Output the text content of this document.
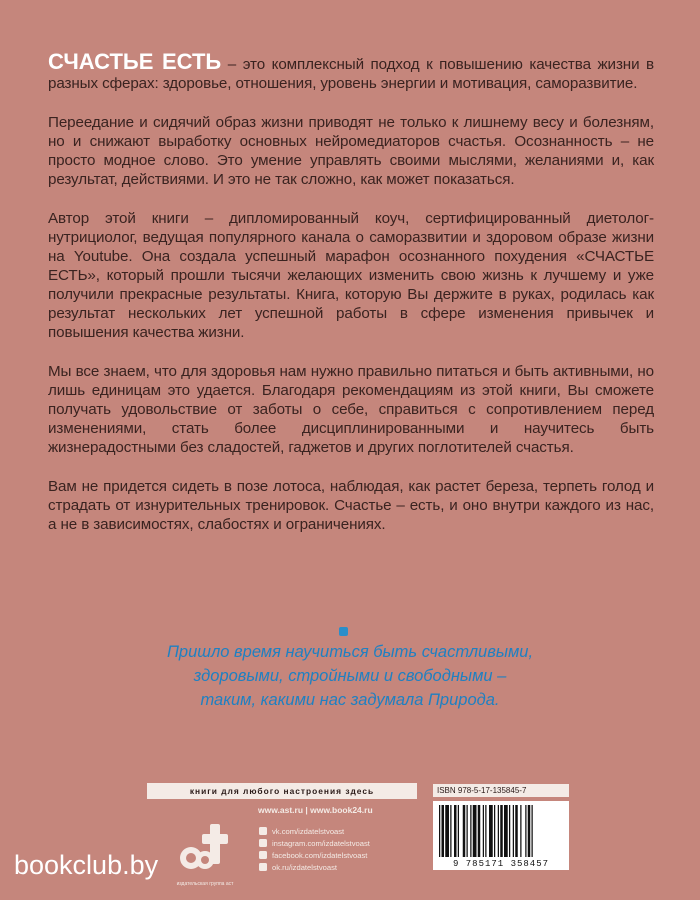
СЧАСТЬЕ ЕСТЬ – это комплексный подход к повышению качества жизни в разных сферах: здоровье, отношения, уровень энергии и мотивация, саморазвитие.

Переедание и сидячий образ жизни приводят не только к лишнему весу и болезням, но и снижают выработку основных нейромедиаторов счастья. Осознанность – не просто модное слово. Это умение управлять своими мыслями, желаниями и, как результат, действиями. И это не так сложно, как может показаться.

Автор этой книги – дипломированный коуч, сертифицированный диетолог-нутрициолог, ведущая популярного канала о саморазвитии и здоровом образе жизни на Youtube. Она создала успешный марафон осознанного похудения «СЧАСТЬЕ ЕСТЬ», который прошли тысячи желающих изменить свою жизнь к лучшему и уже получили прекрасные результаты. Книга, которую Вы держите в руках, родилась как результат нескольких лет успешной работы в сфере изменения привычек и повышения качества жизни.

Мы все знаем, что для здоровья нам нужно правильно питаться и быть активными, но лишь единицам это удается. Благодаря рекомендациям из этой книги, Вы сможете получать удовольствие от заботы о себе, справиться с сопротивлением перед изменениями, стать более дисциплинированными и научитесь быть жизнерадостными без сладостей, гаджетов и других поглотителей счастья.

Вам не придется сидеть в позе лотоса, наблюдая, как растет береза, терпеть голод и страдать от изнурительных тренировок. Счастье – есть, и оно внутри каждого из нас, а не в зависимостях, слабостях и ограничениях.

Пришло время научиться быть счастливыми,
здоровыми, стройными и свободными –
таким, какими нас задумала Природа.
книги для любого настроения здесь
издательская группа аст
www.ast.ru | www.book24.ru
vk.com/izdatelstvoast
instagram.com/izdatelstvoast
facebook.com/izdatelstvoast
ok.ru/izdatelstvoast
ISBN 978-5-17-135845-7
9 785171 358457
bookclub.by
